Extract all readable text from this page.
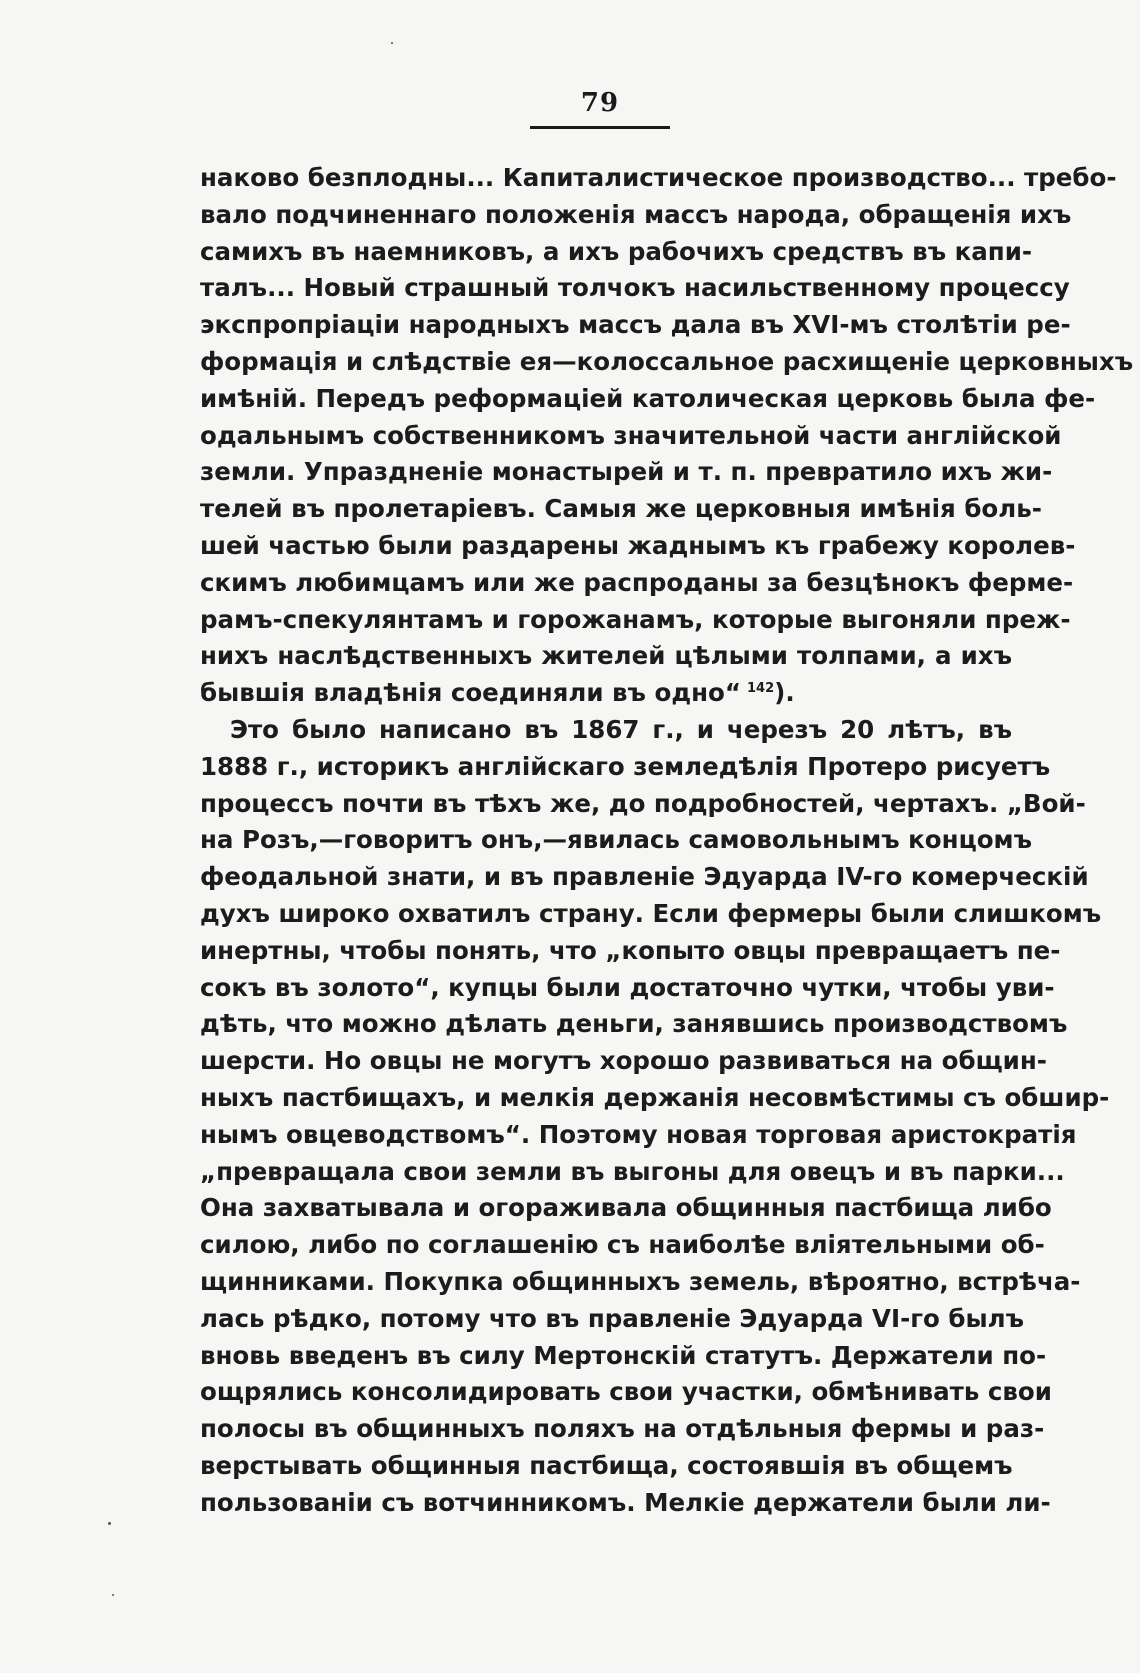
79
наково безплодны... Капиталистическое производство... требо-
вало подчиненнаго положенія массъ народа, обращенія ихъ
самихъ въ наемниковъ, а ихъ рабочихъ средствъ въ капи-
талъ... Новый страшный толчокъ насильственному процессу
экспропріаціи народныхъ массъ дала въ XVI-мъ столѣтіи ре-
формація и слѣдствіе ея—колоссальное расхищеніе церковныхъ
имѣній. Передъ реформаціей католическая церковь была фе-
одальнымъ собственникомъ значительной части англійской
земли. Упраздненіе монастырей и т. п. превратило ихъ жи-
телей въ пролетаріевъ. Самыя же церковныя имѣнія боль-
шей частью были раздарены жаднымъ къ грабежу королев-
скимъ любимцамъ или же распроданы за безцѣнокъ ферме-
рамъ-спекулянтамъ и горожанамъ, которые выгоняли преж-
нихъ наслѣдственныхъ жителей цѣлыми толпами, а ихъ
бывшія владѣнія соединяли въ одно“ $^{142}$).
Это было написано въ 1867 г., и черезъ 20 лѣтъ, въ
1888 г., историкъ англійскаго земледѣлія Протеро рисуетъ
процессъ почти въ тѣхъ же, до подробностей, чертахъ. „Вой-
на Розъ,—говоритъ онъ,—явилась самовольнымъ концомъ
феодальной знати, и въ правленіе Эдуарда IV-го комерческій
духъ широко охватилъ страну. Если фермеры были слишкомъ
инертны, чтобы понять, что „копыто овцы превращаетъ пе-
сокъ въ золото“, купцы были достаточно чутки, чтобы уви-
дѣть, что можно дѣлать деньги, занявшись производствомъ
шерсти. Но овцы не могутъ хорошо развиваться на общин-
ныхъ пастбищахъ, и мелкія держанія несовмѣстимы съ обшир-
нымъ овцеводствомъ“. Поэтому новая торговая аристократія
„превращала свои земли въ выгоны для овецъ и въ парки...
Она захватывала и огораживала общинныя пастбища либо
силою, либо по соглашенію съ наиболѣе вліятельными об-
щинниками. Покупка общинныхъ земель, вѣроятно, встрѣча-
лась рѣдко, потому что въ правленіе Эдуарда VI-го былъ
вновь введенъ въ силу Мертонскій статутъ. Держатели по-
ощрялись консолидировать свои участки, обмѣнивать свои
полосы въ общинныхъ поляхъ на отдѣльныя фермы и раз-
верстывать общинныя пастбища, состоявшія въ общемъ
пользованіи съ вотчинникомъ. Мелкіе держатели были ли-
